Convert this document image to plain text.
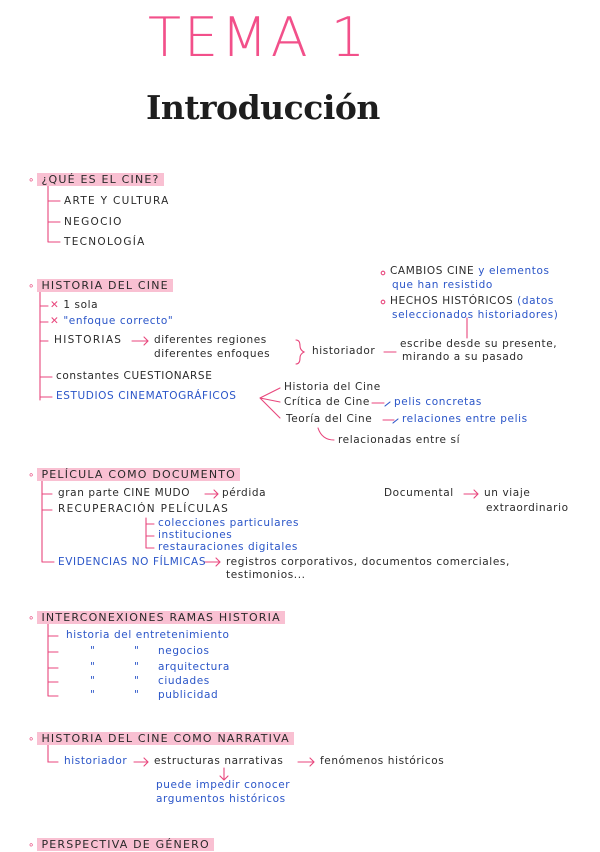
TEMA 1
Introducción
∘ ¿QUÉ ES EL CINE?
ARTE Y CULTURA
NEGOCIO
TECNOLOGÍA
∘ HISTORIA DEL CINE
✕ 1 sola
✕ "enfoque correcto"
HISTORIAS	diferentes regiones
diferentes enfoques	historiador
escribe desde su presente,
mirando a su pasado
CAMBIOS CINE y elementos
que han resistido
HECHOS HISTÓRICOS (datos
seleccionados historiadores)
constantes CUESTIONARSE
ESTUDIOS CINEMATOGRÁFICOS
Historia del Cine
Crítica de Cine pelis concretas
Teoría del Cine	relaciones entre pelis
relacionadas entre sí
∘ PELÍCULA COMO DOCUMENTO
gran parte CINE MUDO	pérdida	Documental	un viaje
extraordinario
RECUPERACIÓN PELÍCULAS
colecciones particulares
instituciones
restauraciones digitales
EVIDENCIAS NO FÍLMICAS registros corporativos, documentos comerciales,
testimonios...
∘ INTERCONEXIONES RAMAS HISTORIA
historia del entretenimiento
"	" negocios
"	" arquitectura
"	" ciudades
"	" publicidad
∘ HISTORIA DEL CINE COMO NARRATIVA
historiador	estructuras narrativas	fenómenos históricos
puede impedir conocer
argumentos históricos
∘ PERSPECTIVA DE GÉNERO
